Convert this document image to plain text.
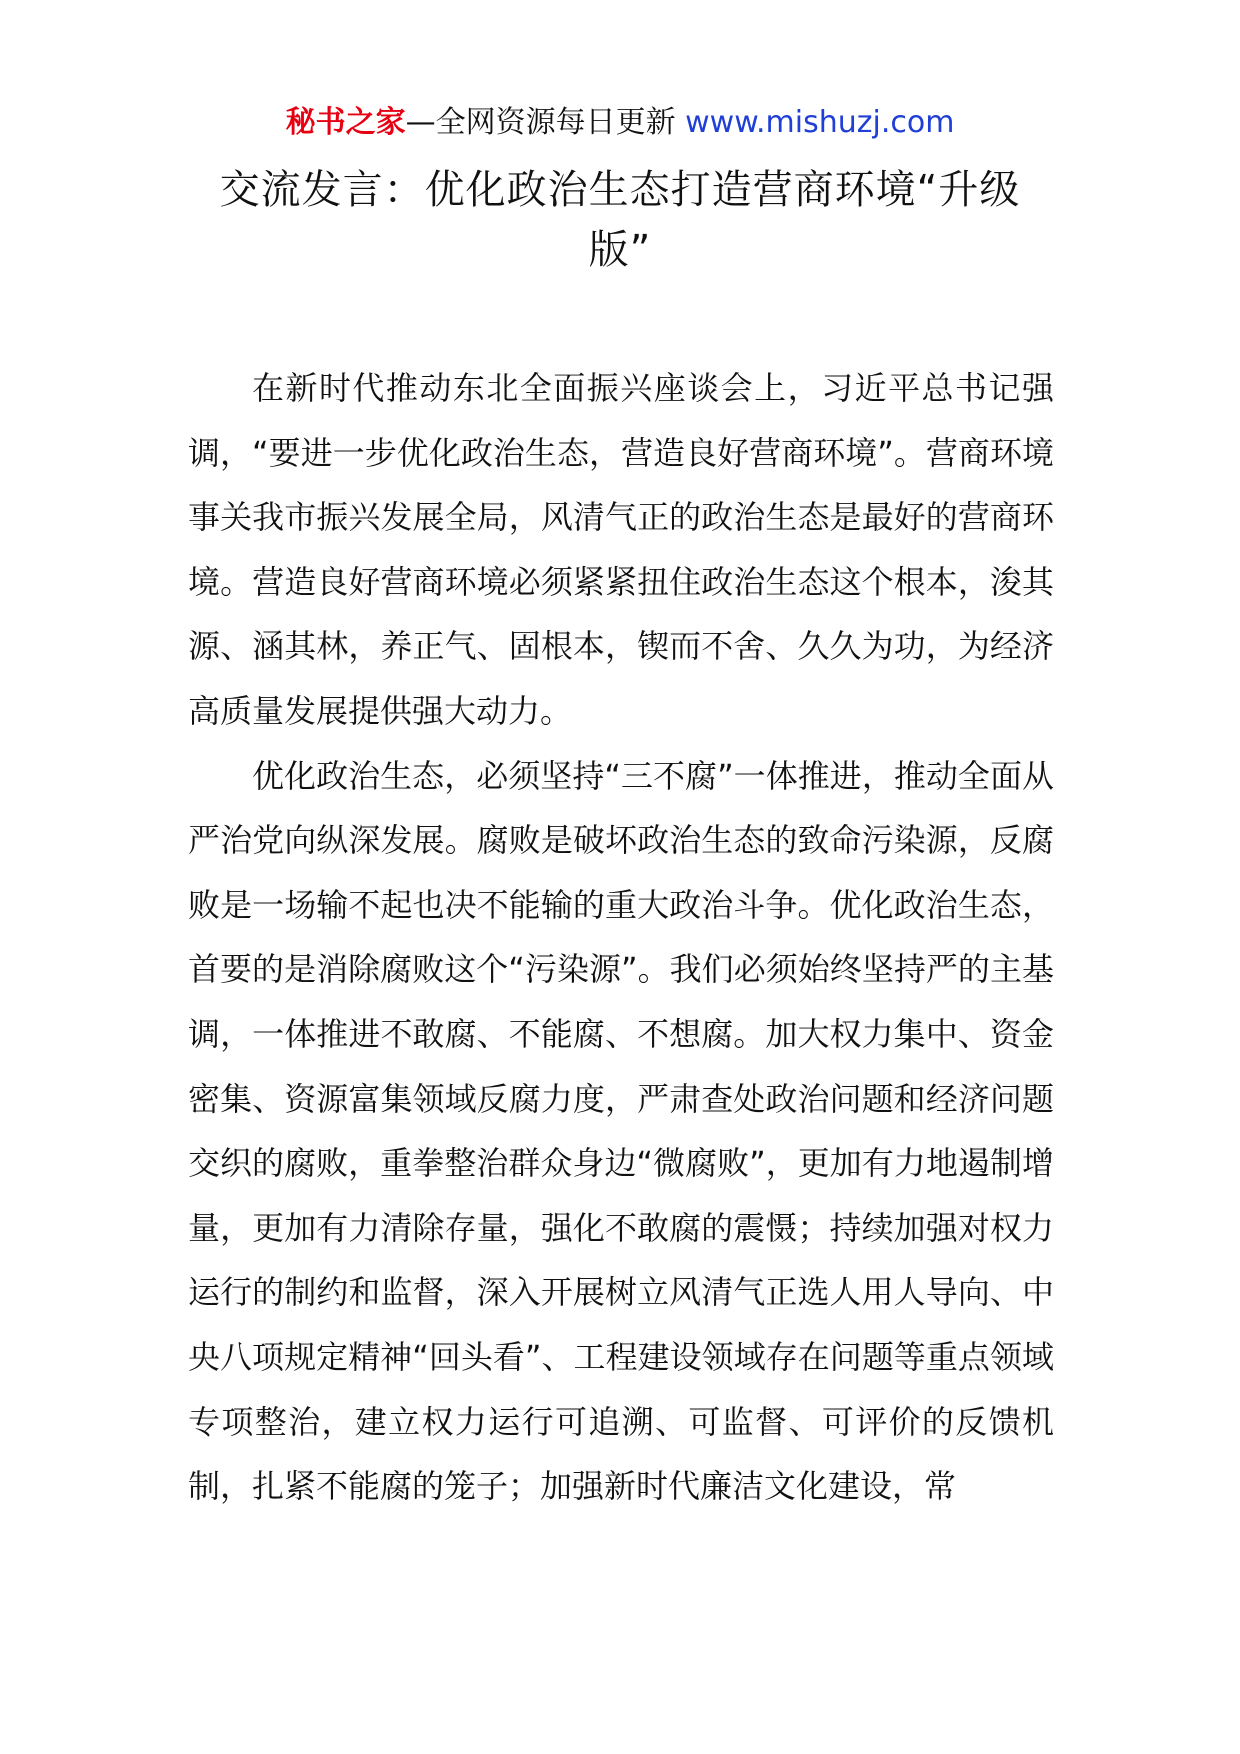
秘书之家—全网资源每日更新 www.mishuzj.com
交流发言：优化政治生态打造营商环境“升级版”

在新时代推动东北全面振兴座谈会上，习近平总书记强调，“要进一步优化政治生态，营造良好营商环境”。营商环境事关我市振兴发展全局，风清气正的政治生态是最好的营商环境。营造良好营商环境必须紧紧扭住政治生态这个根本，浚其源、涵其林，养正气、固根本，锲而不舍、久久为功，为经济高质量发展提供强大动力。

优化政治生态，必须坚持“三不腐”一体推进，推动全面从严治党向纵深发展。腐败是破坏政治生态的致命污染源，反腐败是一场输不起也决不能输的重大政治斗争。优化政治生态，首要的是消除腐败这个“污染源”。我们必须始终坚持严的主基调，一体推进不敢腐、不能腐、不想腐。加大权力集中、资金密集、资源富集领域反腐力度，严肃查处政治问题和经济问题交织的腐败，重拳整治群众身边“微腐败”，更加有力地遏制增量，更加有力清除存量，强化不敢腐的震慑；持续加强对权力运行的制约和监督，深入开展树立风清气正选人用人导向、中央八项规定精神“回头看”、工程建设领域存在问题等重点领域专项整治，建立权力运行可追溯、可监督、可评价的反馈机制，扎紧不能腐的笼子；加强新时代廉洁文化建设，常
